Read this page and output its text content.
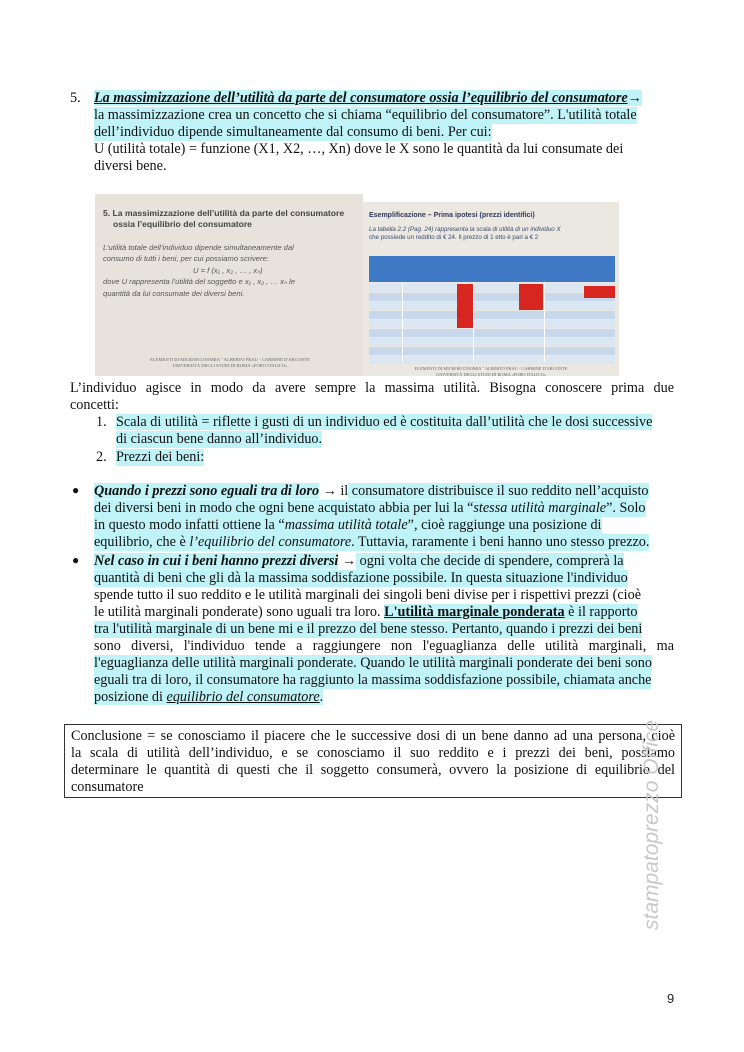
5. La massimizzazione dell’utilità da parte del consumatore ossia l’equilibrio del consumatore→
la massimizzazione crea un concetto che si chiama “equilibrio del consumatore”. L'utilità totale
dell’individuo dipende simultaneamente dal consumo di beni. Per cui:
U (utilità totale) = funzione (X1, X2, …, Xn) dove le X sono le quantità da lui consumate dei
diversi bene.
5. La massimizzazione dell’utilità da parte del consumatore
ossia l’equilibrio del consumatore
L’utilità totale dell’individuo dipende simultaneamente dal
consumo di tutti i beni, per cui possiamo scrivere:
U = f (x₁ , x₂ , … , xₙ)
dove U rappresenta l’utilità del soggetto e x₁ , x₂ , … xₙ le
quantità da lui consumate dei diversi beni.
ELEMENTI DI MICROECONOMIA " ALBERTO FRAU - CARMINE D'ARCONTE
UNIVERSITÀ DEGLI STUDI DI ROMA «FORO ITALICO»
Esemplificazione – Prima ipotesi (prezzi identifici)
La tabella 2.2 (Pag. 24) rappresenta la scala di utilità di un individuo X
che possiede un reddito di € 24. Il prezzo di 1 etto è pari a € 2
ELEMENTI DI MICROECONOMIA " ALBERTO FRAU - CARMINE D'ARCONTE
UNIVERSITÀ DEGLI STUDI DI ROMA «FORO ITALICO»
L’individuo agisce in modo da avere sempre la massima utilità. Bisogna conoscere prima due
concetti:
1. Scala di utilità = riflette i gusti di un individuo ed è costituita dall’utilità che le dosi successive
di ciascun bene danno all’individuo.
2. Prezzi dei beni:
● Quando i prezzi sono eguali tra di loro → il consumatore distribuisce il suo reddito nell’acquisto
dei diversi beni in modo che ogni bene acquistato abbia per lui la “stessa utilità marginale”. Solo
in questo modo infatti ottiene la “massima utilità totale”, cioè raggiunge una posizione di
equilibrio, che è l’equilibrio del consumatore. Tuttavia, raramente i beni hanno uno stesso prezzo.
● Nel caso in cui i beni hanno prezzi diversi → ogni volta che decide di spendere, comprerà la
quantità di beni che gli dà la massima soddisfazione possibile. In questa situazione l'individuo
spende tutto il suo reddito e le utilità marginali dei singoli beni divise per i rispettivi prezzi (cioè
le utilità marginali ponderate) sono uguali tra loro. L'utilità marginale ponderata è il rapporto
tra l'utilità marginale di un bene mi e il prezzo del bene stesso. Pertanto, quando i prezzi dei beni
sono diversi, l'individuo tende a raggiungere non l'eguaglianza delle utilità marginali, ma
l'eguaglianza delle utilità marginali ponderate. Quando le utilità marginali ponderate dei beni sono
eguali tra di loro, il consumatore ha raggiunto la massima soddisfazione possibile, chiamata anche
posizione di equilibrio del consumatore.
Conclusione = se conosciamo il piacere che le successive dosi di un bene danno ad una persona, cioè
la scala di utilità dell’individuo, e se conosciamo il suo reddito e i prezzi dei beni, possiamo
determinare le quantità di questi che il soggetto consumerà, ovvero la posizione di equilibrio del
consumatore	stampatoprezzo Office
9
